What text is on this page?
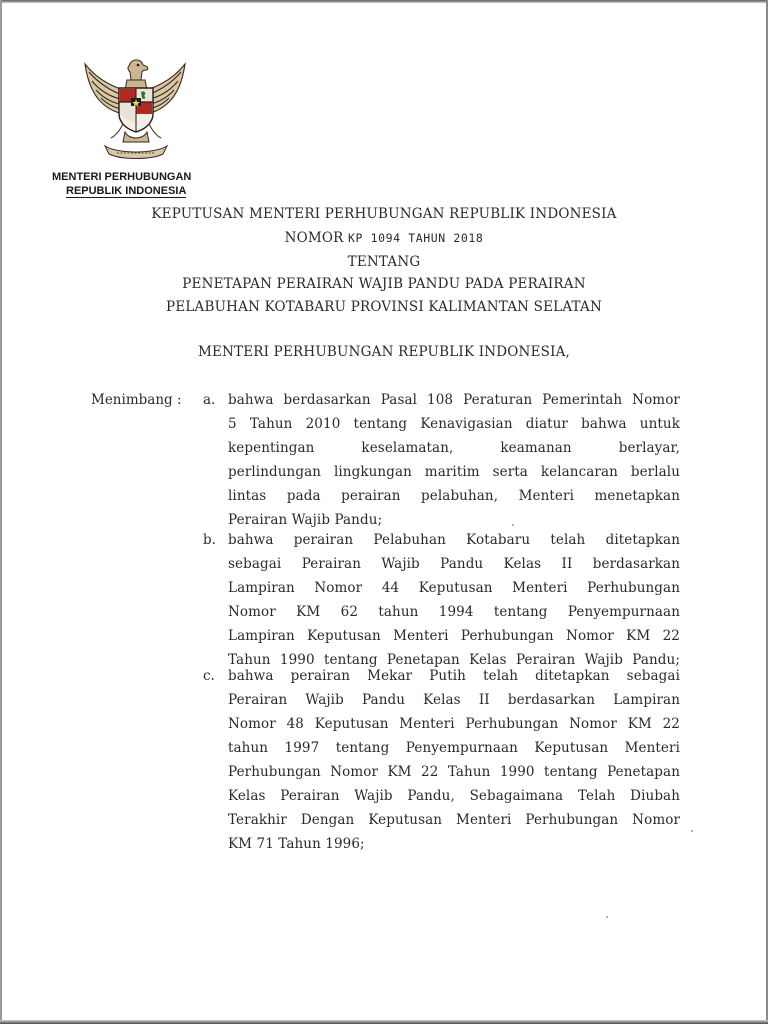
MENTERI PERHUBUNGAN
REPUBLIK INDONESIA
KEPUTUSAN MENTERI PERHUBUNGAN REPUBLIK INDONESIA
NOMOR KP 1094 TAHUN 2018
TENTANG
PENETAPAN PERAIRAN WAJIB PANDU PADA PERAIRAN
PELABUHAN KOTABARU PROVINSI KALIMANTAN SELATAN
MENTERI PERHUBUNGAN REPUBLIK INDONESIA,
Menimbang : a. bahwa berdasarkan Pasal 108 Peraturan Pemerintah Nomor
5 Tahun 2010 tentang Kenavigasian diatur bahwa untuk
kepentingan keselamatan, keamanan berlayar,
perlindungan lingkungan maritim serta kelancaran berlalu
lintas pada perairan pelabuhan, Menteri menetapkan
Perairan Wajib Pandu;
b. bahwa perairan Pelabuhan Kotabaru telah ditetapkan
sebagai Perairan Wajib Pandu Kelas II berdasarkan
Lampiran Nomor 44 Keputusan Menteri Perhubungan
Nomor KM 62 tahun 1994 tentang Penyempurnaan
Lampiran Keputusan Menteri Perhubungan Nomor KM 22
Tahun 1990 tentang Penetapan Kelas Perairan Wajib Pandu;
c. bahwa perairan Mekar Putih telah ditetapkan sebagai
Perairan Wajib Pandu Kelas II berdasarkan Lampiran
Nomor 48 Keputusan Menteri Perhubungan Nomor KM 22
tahun 1997 tentang Penyempurnaan Keputusan Menteri
Perhubungan Nomor KM 22 Tahun 1990 tentang Penetapan
Kelas Perairan Wajib Pandu, Sebagaimana Telah Diubah
Terakhir Dengan Keputusan Menteri Perhubungan Nomor
KM 71 Tahun 1996;
